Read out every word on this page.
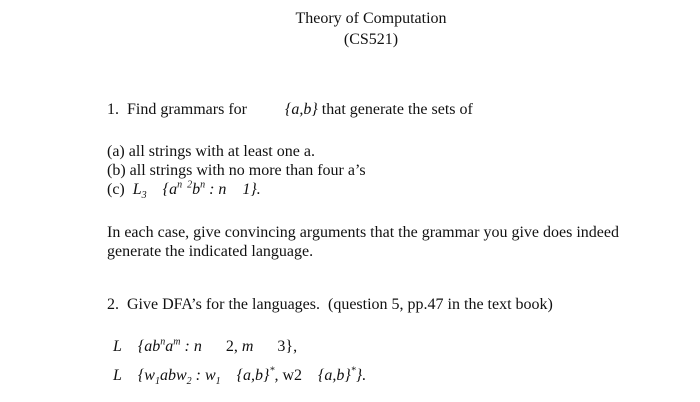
Theory of Computation
(CS521)
1. Find grammars for {a,b} that generate the sets of
(a) all strings with at least one a.
(b) all strings with no more than four a’s
(c)  $L_3$    {$a^{n 2}b^n$ : n    1}.
In each case, give convincing arguments that the grammar you give does indeed
generate the indicated language.
2. Give DFA’s for the languages. (question 5, pp.47 in the text book)
L    {$ab^na^m$ : n      2, m      3},
L    {$w_1abw_2$ : $w_1$    {a,b}*, w2    {a,b}*}.
